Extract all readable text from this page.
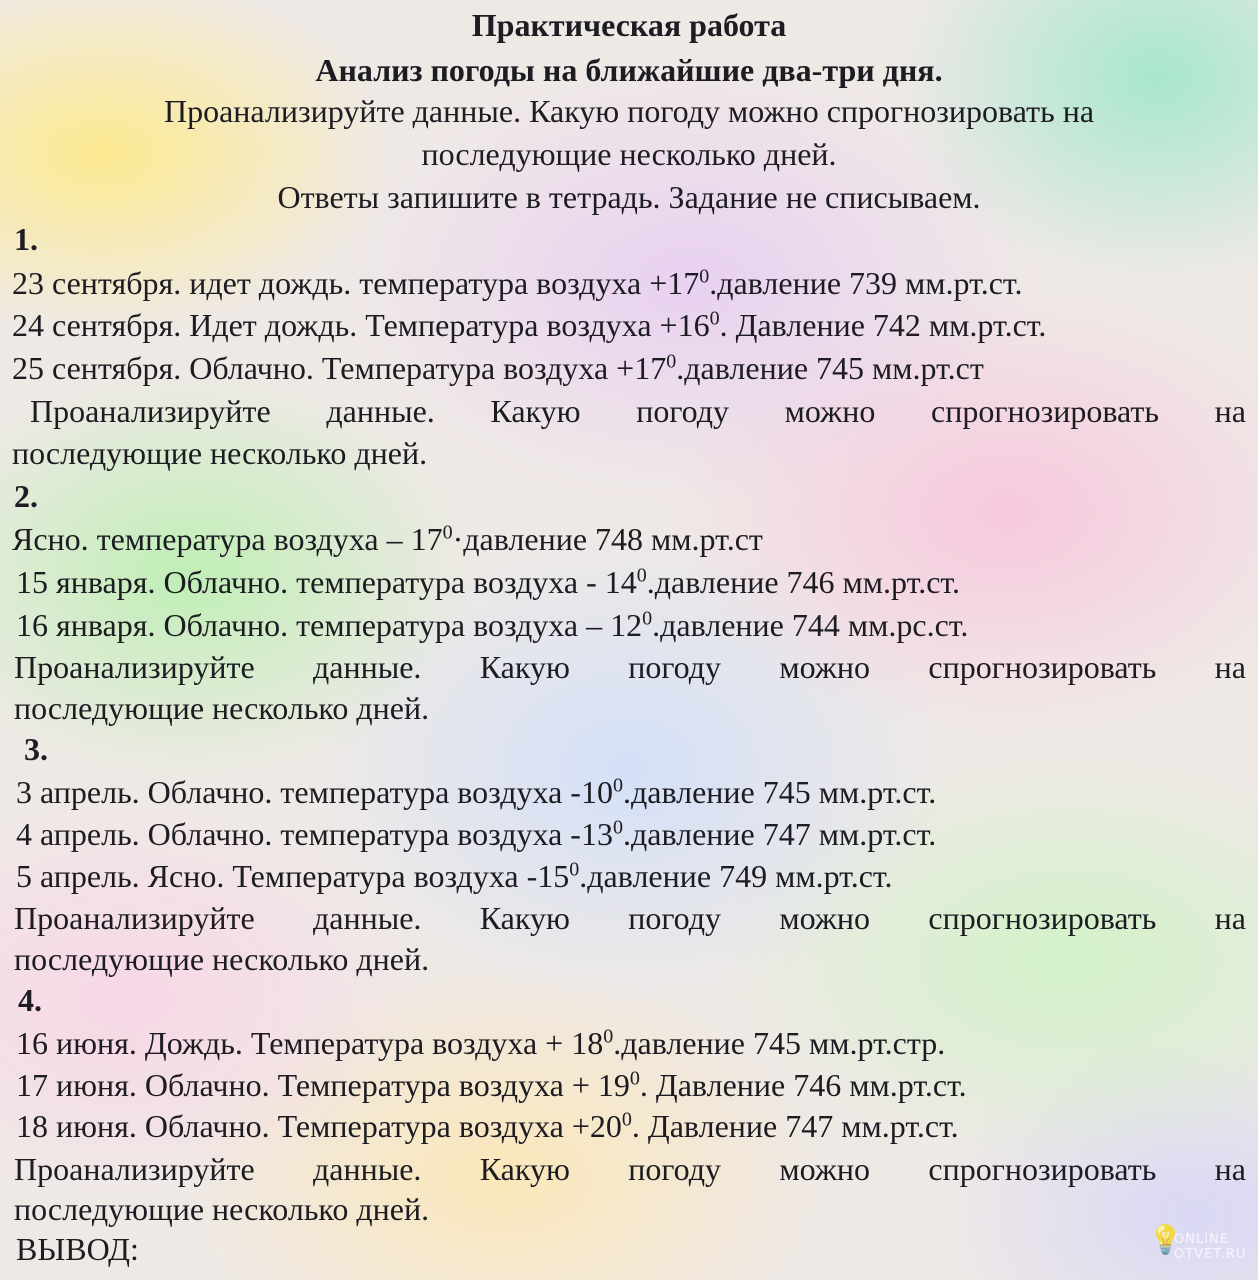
Практическая работа
Анализ погоды на ближайшие два-три дня.
Проанализируйте данные. Какую погоду можно спрогнозировать на
последующие несколько дней.
Ответы запишите в тетрадь. Задание не списываем.
1.
23 сентября. идет дождь. температура воздуха $+17^0.давление$ 739 мм.рт.ст.
24 сентября. Идет дождь. Температура воздуха $+16^0$. Давление 742 мм.рт.ст.
25 сентября. Облачно. Температура воздуха $+17^0.давление$ 745 мм.рт.ст
Проанализируйте данные. Какую погоду можно спрогнозировать на
последующие несколько дней.
2.
Ясно. температура воздуха – $17^0\cdot давление$ 748 мм.рт.ст
15 января. Облачно. температура воздуха - $14^0.давление$ 746 мм.рт.ст.
16 января. Облачно. температура воздуха – $12^0.давление$ 744 мм.рс.ст.
Проанализируйте данные. Какую погоду можно спрогнозировать на
последующие несколько дней.
3.
3 апрель. Облачно. температура воздуха $-10^0.давление$ 745 мм.рт.ст.
4 апрель. Облачно. температура воздуха $-13^0.давление$ 747 мм.рт.ст.
5 апрель. Ясно. Температура воздуха $-15^0.давление$ 749 мм.рт.ст.
Проанализируйте данные. Какую погоду можно спрогнозировать на
последующие несколько дней.
4.
16 июня. Дождь. Температура воздуха + $18^0.давление$ 745 мм.рт.стр.
17 июня. Облачно. Температура воздуха + $19^0$. Давление 746 мм.рт.ст.
18 июня. Облачно. Температура воздуха $+20^0$. Давление 747 мм.рт.ст.
Проанализируйте данные. Какую погоду можно спрогнозировать на
последующие несколько дней.
ВЫВОД:	💡
ONLINE
OTVET.RU
